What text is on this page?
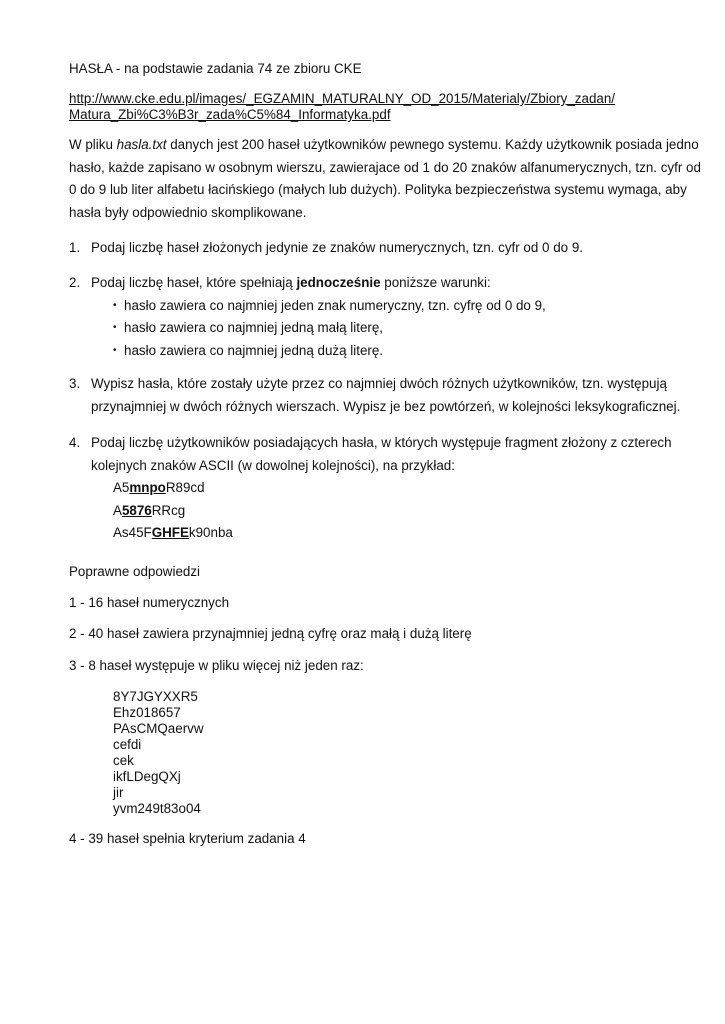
HASŁA - na podstawie zadania 74 ze zbioru CKE

http://www.cke.edu.pl/images/_EGZAMIN_MATURALNY_OD_2015/Materialy/Zbiory_zadan/
Matura_Zbi%C3%B3r_zada%C5%84_Informatyka.pdf

W pliku hasla.txt danych jest 200 haseł użytkowników pewnego systemu. Każdy użytkownik posiada jedno hasło, każde zapisano w osobnym wierszu, zawierajace od 1 do 20 znaków alfanumerycznych, tzn. cyfr od 0 do 9 lub liter alfabetu łacińskiego (małych lub dużych). Polityka bezpieczeństwa systemu wymaga, aby hasła były odpowiednio skomplikowane.

1. Podaj liczbę haseł złożonych jedynie ze znaków numerycznych, tzn. cyfr od 0 do 9.
2. Podaj liczbę haseł, które spełniają jednocześnie poniższe warunki:
• hasło zawiera co najmniej jeden znak numeryczny, tzn. cyfrę od 0 do 9,
• hasło zawiera co najmniej jedną małą literę,
• hasło zawiera co najmniej jedną dużą literę.
3. Wypisz hasła, które zostały użyte przez co najmniej dwóch różnych użytkowników, tzn. występują przynajmniej w dwóch różnych wierszach. Wypisz je bez powtórzeń, w kolejności leksykograficznej.
4. Podaj liczbę użytkowników posiadających hasła, w których występuje fragment złożony z czterech kolejnych znaków ASCII (w dowolnej kolejności), na przykład:
A5mnpoR89cd
A5876RRcg
As45FGHFEk90nba

Poprawne odpowiedzi

1 - 16 haseł numerycznych

2 - 40 haseł zawiera przynajmniej jedną cyfrę oraz małą i dużą literę

3 - 8 haseł występuje w pliku więcej niż jeden raz:

8Y7JGYXXR5
Ehz018657
PAsCMQaervw
cefdi
cek
ikfLDegQXj
jir
yvm249t83o04

4 - 39 haseł spełnia kryterium zadania 4
